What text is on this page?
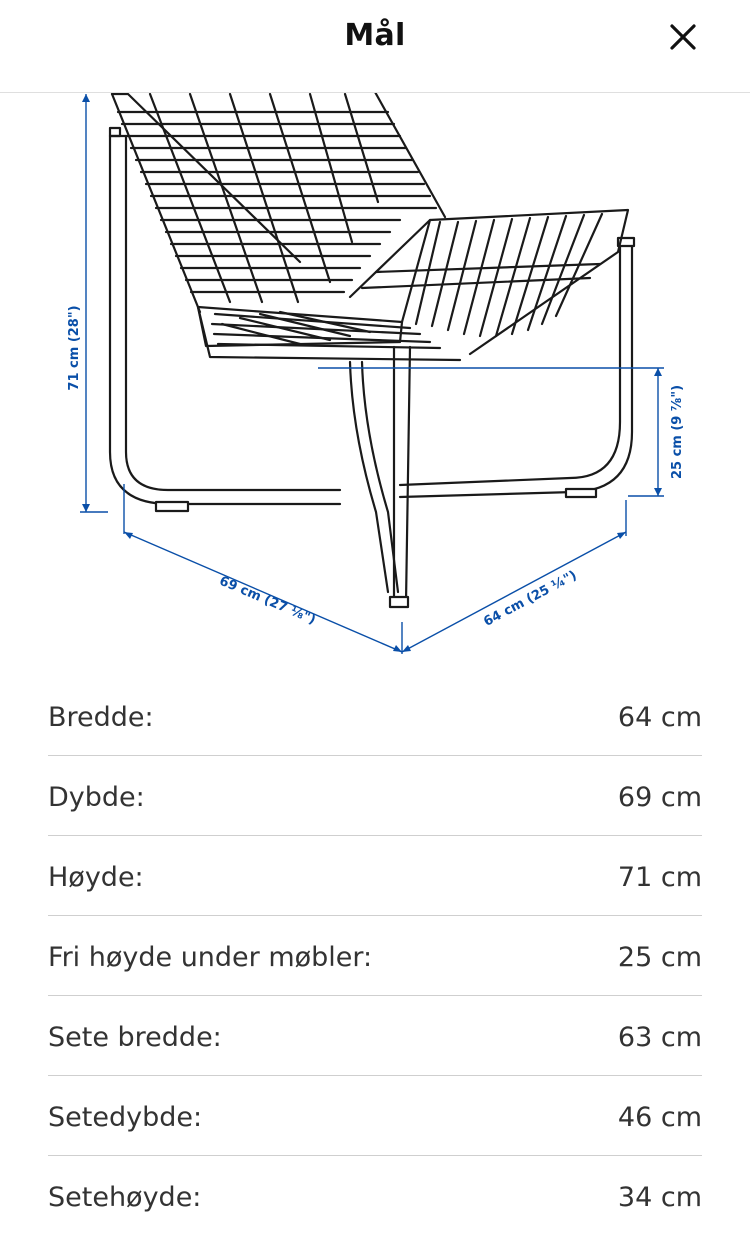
Mål
71 cm (28")
25 cm (9 ⅞")
69 cm (27 ⅛")	64 cm (25 ¼")
Bredde:	64 cm
Dybde:	69 cm
Høyde:	71 cm
Fri høyde under møbler:	25 cm
Sete bredde:	63 cm
Setedybde:	46 cm
Setehøyde:	34 cm
